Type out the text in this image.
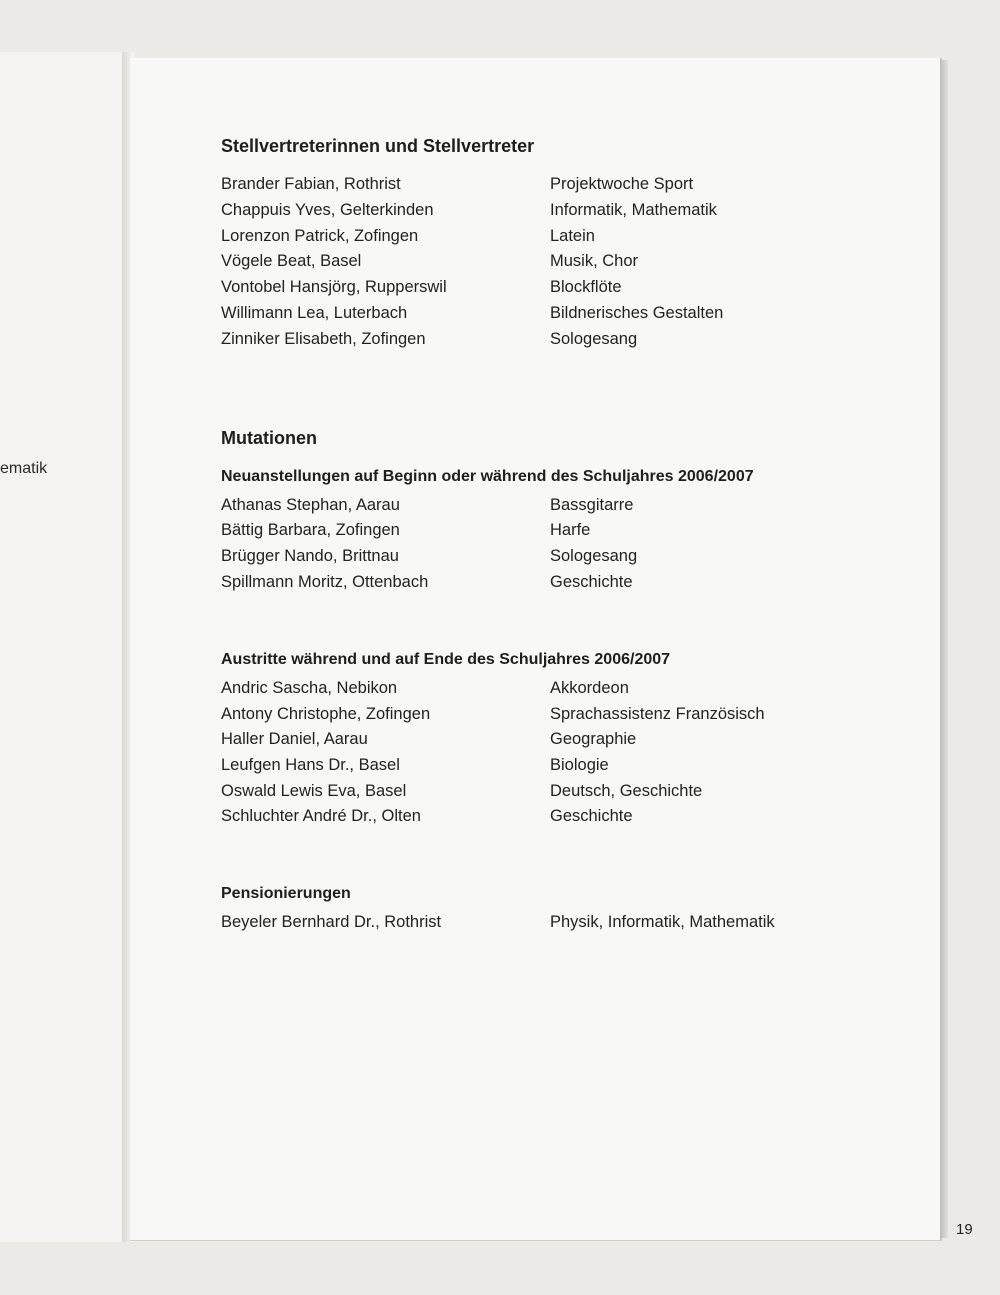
ematik
Stellvertreterinnen und Stellvertreter
Brander Fabian, Rothrist	Projektwoche Sport
Chappuis Yves, Gelterkinden	Informatik, Mathematik
Lorenzon Patrick, Zofingen	Latein
Vögele Beat, Basel	Musik, Chor
Vontobel Hansjörg, Rupperswil	Blockflöte
Willimann Lea, Luterbach	Bildnerisches Gestalten
Zinniker Elisabeth, Zofingen	Sologesang
Mutationen
Neuanstellungen auf Beginn oder während des Schuljahres 2006/2007
Athanas Stephan, Aarau	Bassgitarre
Bättig Barbara, Zofingen	Harfe
Brügger Nando, Brittnau	Sologesang
Spillmann Moritz, Ottenbach	Geschichte
Austritte während und auf Ende des Schuljahres 2006/2007
Andric Sascha, Nebikon	Akkordeon
Antony Christophe, Zofingen	Sprachassistenz Französisch
Haller Daniel, Aarau	Geographie
Leufgen Hans Dr., Basel	Biologie
Oswald Lewis Eva, Basel	Deutsch, Geschichte
Schluchter André Dr., Olten	Geschichte
Pensionierungen
Beyeler Bernhard Dr., Rothrist	Physik, Informatik, Mathematik
19
